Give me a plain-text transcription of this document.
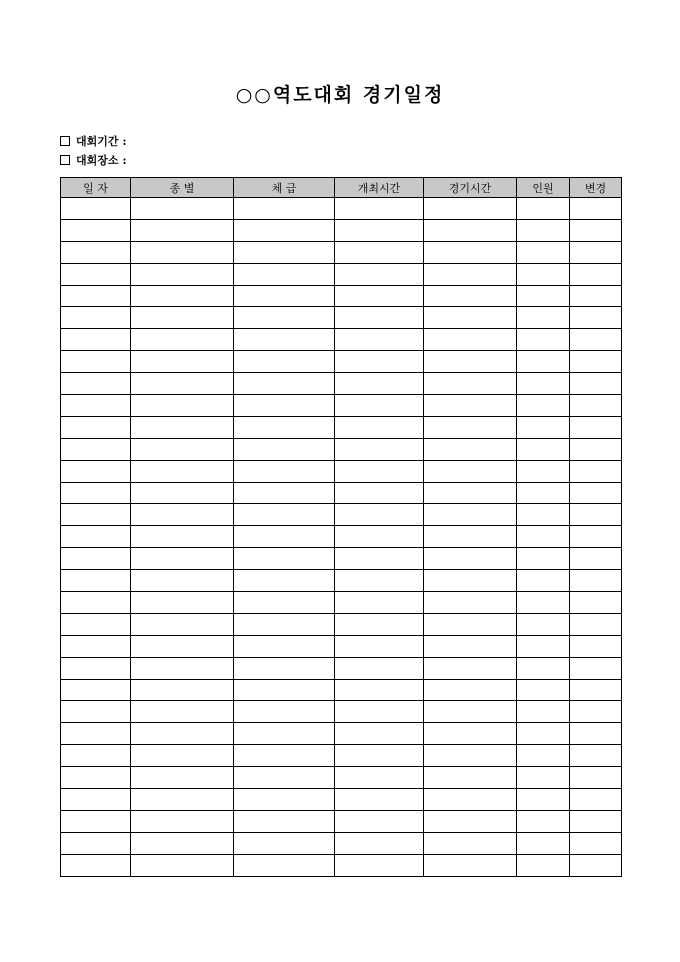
○○역도대회 경기일정
대회기간 :
대회장소 :
일 자	종 별	체 급	개최시간	경기시간	인원	변경
